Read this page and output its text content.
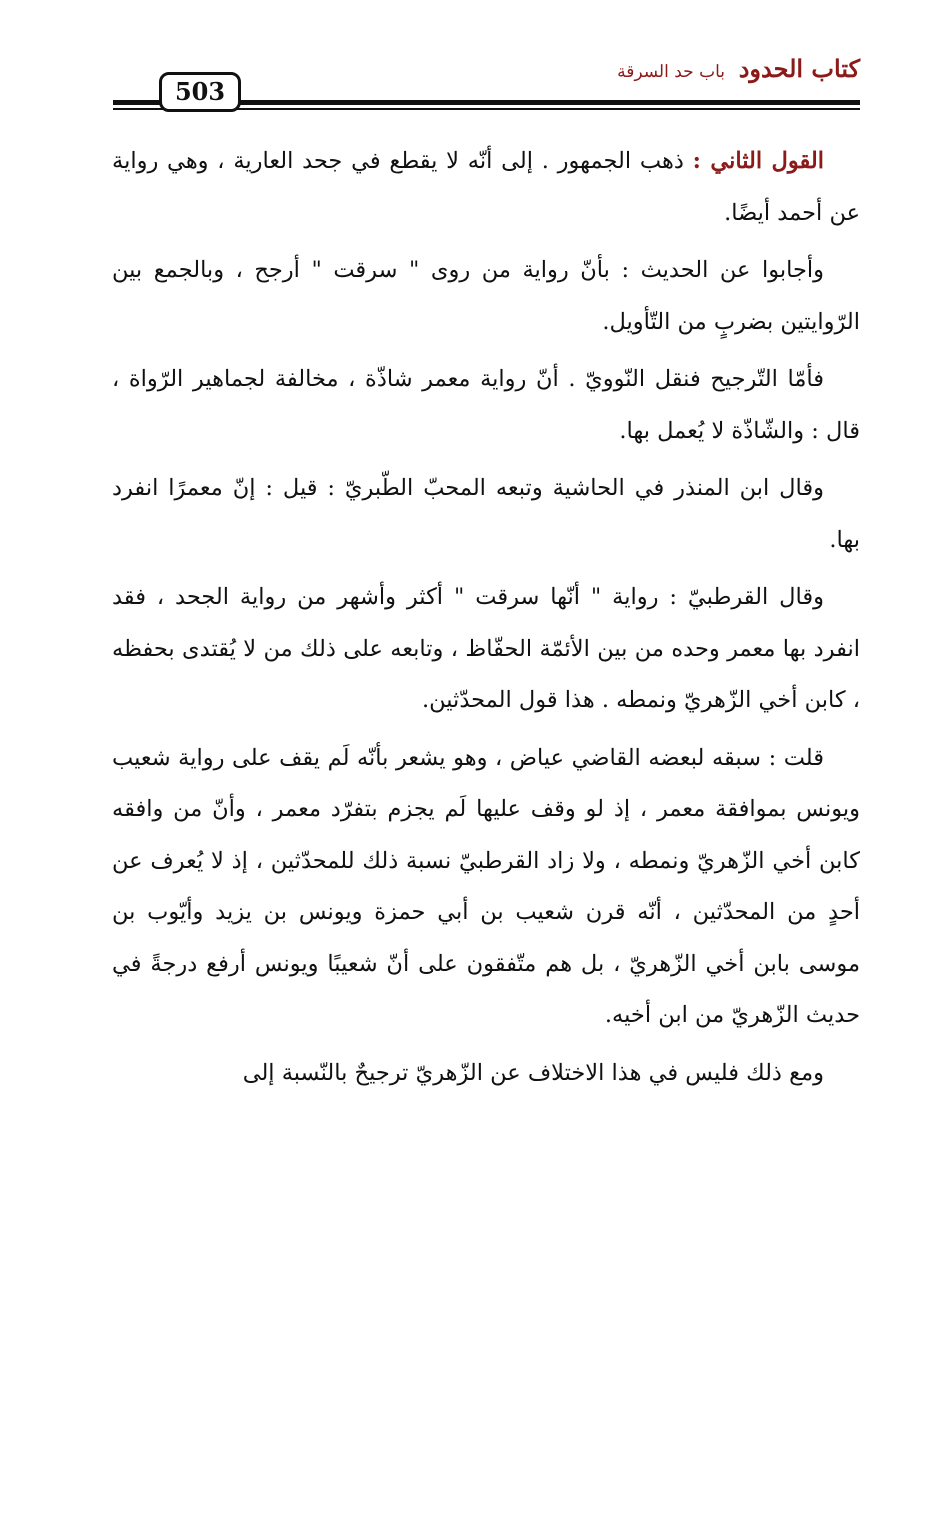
كتاب الحدود باب حد السرقة
503

القول الثاني : ذهب الجمهور . إلى أنّه لا يقطع في جحد العارية ، وهي رواية عن أحمد أيضًا.

وأجابوا عن الحديث : بأنّ رواية من روى " سرقت " أرجح ، وبالجمع بين الرّوايتين بضربٍ من التّأويل.

فأمّا التّرجيح فنقل النّوويّ . أنّ رواية معمر شاذّة ، مخالفة لجماهير الرّواة ، قال : والشّاذّة لا يُعمل بها.

وقال ابن المنذر في الحاشية وتبعه المحبّ الطّبريّ : قيل : إنّ معمرًا انفرد بها.

وقال القرطبيّ : رواية " أنّها سرقت " أكثر وأشهر من رواية الجحد ، فقد انفرد بها معمر وحده من بين الأئمّة الحفّاظ ، وتابعه على ذلك من لا يُقتدى بحفظه ، كابن أخي الزّهريّ ونمطه . هذا قول المحدّثين.

قلت : سبقه لبعضه القاضي عياض ، وهو يشعر بأنّه لَم يقف على رواية شعيب ويونس بموافقة معمر ، إذ لو وقف عليها لَم يجزم بتفرّد معمر ، وأنّ من وافقه كابن أخي الزّهريّ ونمطه ، ولا زاد القرطبيّ نسبة ذلك للمحدّثين ، إذ لا يُعرف عن أحدٍ من المحدّثين ، أنّه قرن شعيب بن أبي حمزة ويونس بن يزيد وأيّوب بن موسى بابن أخي الزّهريّ ، بل هم متّفقون على أنّ شعيبًا ويونس أرفع درجةً في حديث الزّهريّ من ابن أخيه.

ومع ذلك فليس في هذا الاختلاف عن الزّهريّ ترجيحٌ بالنّسبة إلى
